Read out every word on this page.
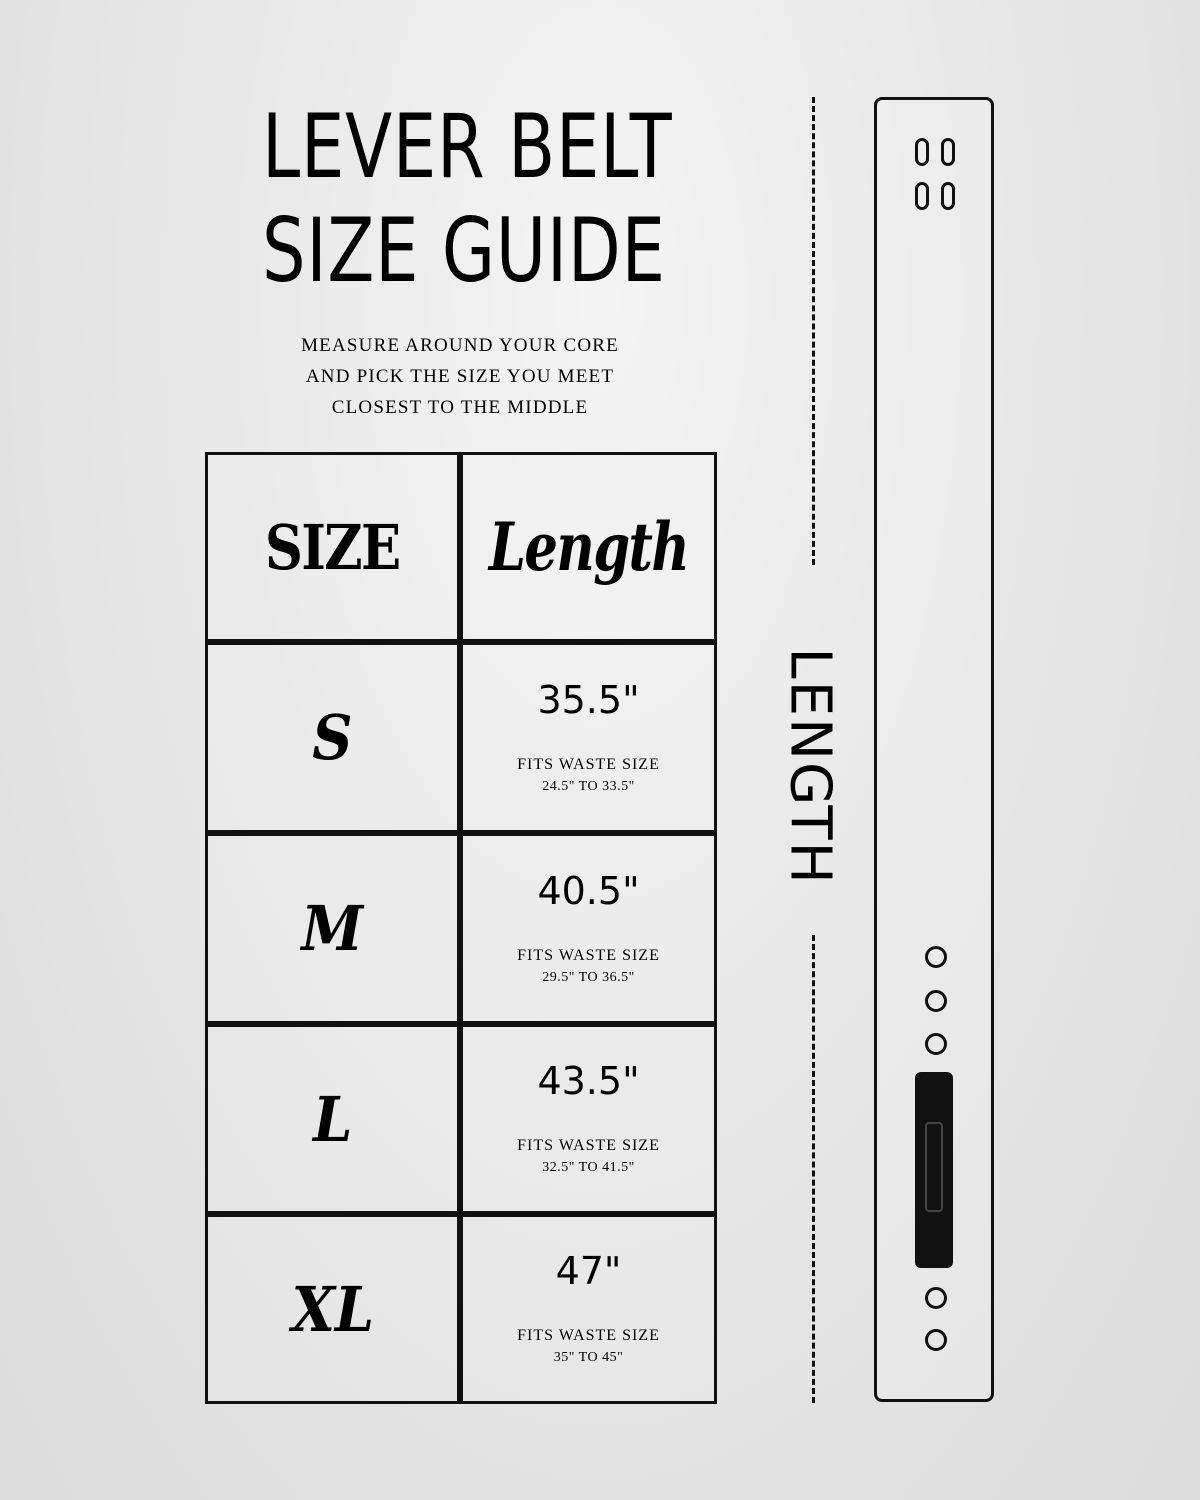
LEVER BELT
SIZE GUIDE
MEASURE AROUND YOUR CORE
AND PICK THE SIZE YOU MEET
CLOSEST TO THE MIDDLE
SIZE Length
S
35.5"
FITS WASTE SIZE
24.5" TO 33.5"
M
40.5"
FITS WASTE SIZE
29.5" TO 36.5"
L
43.5"
FITS WASTE SIZE
32.5" TO 41.5"
XL
47"
FITS WASTE SIZE
35" TO 45"
LENGTH
